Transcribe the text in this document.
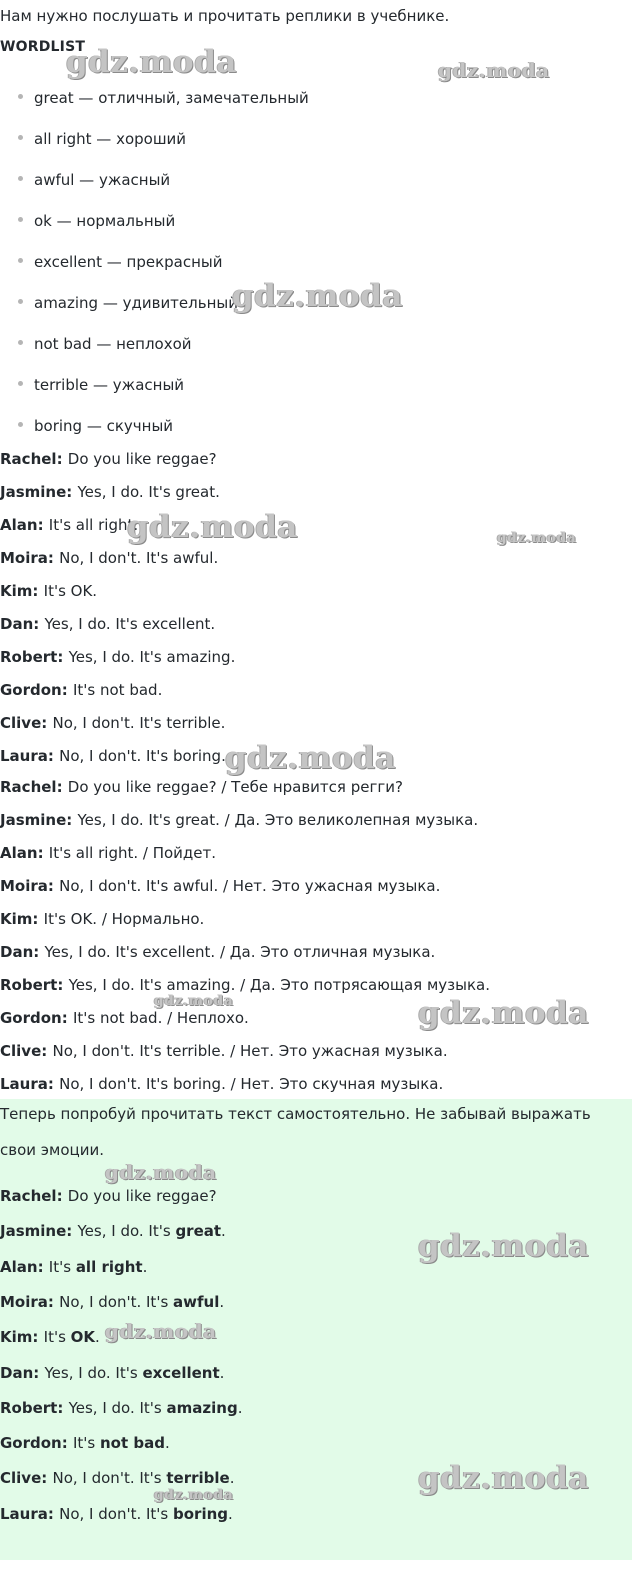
Нам нужно послушать и прочитать реплики в учебнике.
WORDLIST
great — отличный, замечательный
all right — хороший
awful — ужасный
ok — нормальный
excellent — прекрасный
amazing — удивительный
not bad — неплохой
terrible — ужасный
boring — скучный
Rachel: Do you like reggae?
Jasmine: Yes, I do. It's great.
Alan: It's all right.
Moira: No, I don't. It's awful.
Kim: It's OK.
Dan: Yes, I do. It's excellent.
Robert: Yes, I do. It's amazing.
Gordon: It's not bad.
Clive: No, I don't. It's terrible.
Laura: No, I don't. It's boring.
Rachel: Do you like reggae? / Тебе нравится регги?
Jasmine: Yes, I do. It's great. / Да. Это великолепная музыка.
Alan: It's all right. / Пойдет.
Moira: No, I don't. It's awful. / Нет. Это ужасная музыка.
Kim: It's OK. / Нормально.
Dan: Yes, I do. It's excellent. / Да. Это отличная музыка.
Robert: Yes, I do. It's amazing. / Да. Это потрясающая музыка.
Gordon: It's not bad. / Неплохо.
Clive: No, I don't. It's terrible. / Нет. Это ужасная музыка.
Laura: No, I don't. It's boring. / Нет. Это скучная музыка.
Теперь попробуй прочитать текст самостоятельно. Не забывай выражать
свои эмоции.
Rachel: Do you like reggae?
Jasmine: Yes, I do. It's great.
Alan: It's all right.
Moira: No, I don't. It's awful.
Kim: It's OK.
Dan: Yes, I do. It's excellent.
Robert: Yes, I do. It's amazing.
Gordon: It's not bad.
Clive: No, I don't. It's terrible.
Laura: No, I don't. It's boring.
gdz.moda	gdz.moda
gdz.moda
gdz.moda	gdz.moda
gdz.moda
gdz.moda	gdz.moda
gdz.moda
gdz.moda
gdz.moda
gdz.moda
gdz.moda
